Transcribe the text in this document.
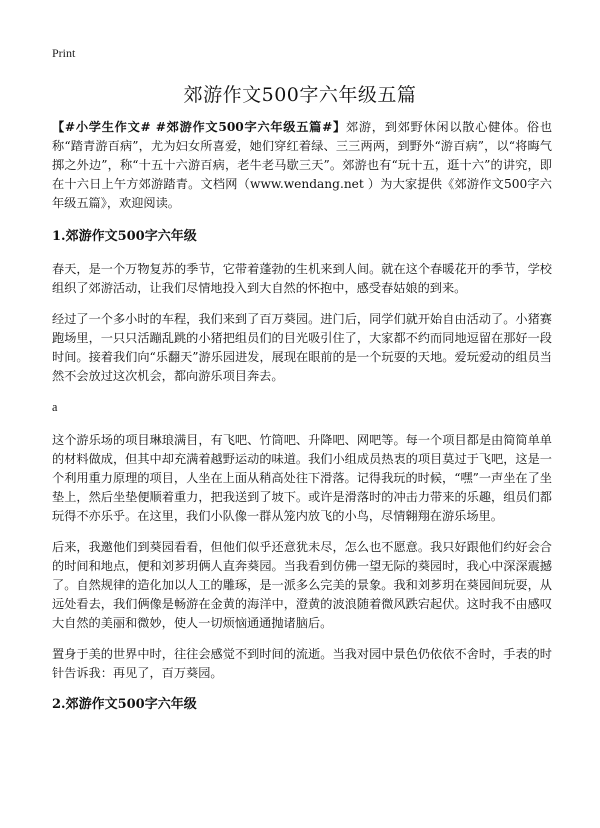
Print
郊游作文500字六年级五篇

【#小学生作文# #郊游作文500字六年级五篇#】郊游，到郊野休闲以散心健体。俗也称“踏青游百病”，尤为妇女所喜爱，她们穿红着绿、三三两两，到野外“游百病”，以“将晦气掷之外边”，称“十五十六游百病，老牛老马歇三天”。郊游也有“玩十五，逛十六”的讲究，即在十六日上午方郊游踏青。文档网（www.wendang.net ）为大家提供《郊游作文500字六年级五篇》，欢迎阅读。

1.郊游作文500字六年级

春天，是一个万物复苏的季节，它带着蓬勃的生机来到人间。就在这个春暖花开的季节，学校组织了郊游活动，让我们尽情地投入到大自然的怀抱中，感受春姑娘的到来。

经过了一个多小时的车程，我们来到了百万葵园。进门后，同学们就开始自由活动了。小猪赛跑场里，一只只活蹦乱跳的小猪把组员们的目光吸引住了，大家都不约而同地逗留在那好一段时间。接着我们向“乐翻天”游乐园进发，展现在眼前的是一个玩耍的天地。爱玩爱动的组员当然不会放过这次机会，都向游乐项目奔去。

a

这个游乐场的项目琳琅满目，有飞吧、竹筒吧、升降吧、网吧等。每一个项目都是由简简单单的材料做成，但其中却充满着越野运动的味道。我们小组成员热衷的项目莫过于飞吧，这是一个利用重力原理的项目，人坐在上面从稍高处往下滑落。记得我玩的时候，“嘿”一声坐在了坐垫上，然后坐垫便顺着重力，把我送到了坡下。或许是滑落时的冲击力带来的乐趣，组员们都玩得不亦乐乎。在这里，我们小队像一群从笼内放飞的小鸟，尽情翱翔在游乐场里。

后来，我邀他们到葵园看看，但他们似乎还意犹未尽，怎么也不愿意。我只好跟他们约好会合的时间和地点，便和刘芗玥俩人直奔葵园。当我看到仿佛一望无际的葵园时，我心中深深震撼了。自然规律的造化加以人工的雕琢，是一派多么完美的景象。我和刘芗玥在葵园间玩耍，从远处看去，我们俩像是畅游在金黄的海洋中，澄黄的波浪随着微风跌宕起伏。这时我不由感叹大自然的美丽和微妙，使人一切烦恼通通抛诸脑后。

置身于美的世界中时，往往会感觉不到时间的流逝。当我对园中景色仍依依不舍时，手表的时针告诉我：再见了，百万葵园。

2.郊游作文500字六年级
